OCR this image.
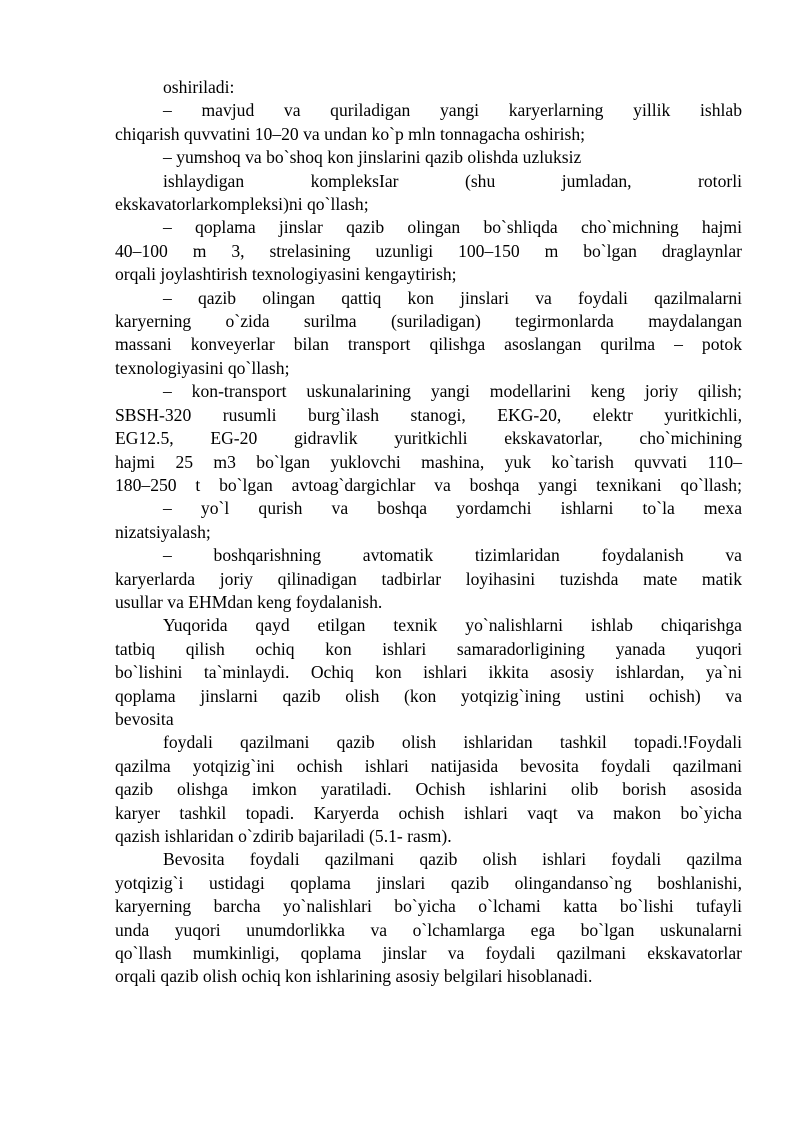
oshiriladi:
– mavjud va quriladigan yangi karyerlarning yillik ishlab
chiqarish quvvatini 10–20 va undan ko`p mln tonnagacha oshirish;
– yumshoq va bo`shoq kon jinslarini qazib olishda uzluksiz
ishlaydigan kompleksIar (shu jumladan, rotorli
ekskavatorlarkompleksi)ni qo`llash;
– qoplama jinslar qazib olingan bo`shliqda cho`michning hajmi
40–100 m 3, strelasining uzunligi 100–150 m bo`lgan draglaynlar
orqali joylashtirish texnologiyasini kengaytirish;
– qazib olingan qattiq kon jinslari va foydali qazilmalarni
karyerning o`zida surilma (suriladigan) tegirmonlarda maydalangan
massani konveyerlar bilan transport qilishga asoslangan qurilma – potok
texnologiyasini qo`llash;
– kon-transport uskunalarining yangi modellarini keng joriy qilish;
SBSH-320 rusumli burg`ilash stanogi, EKG-20, elektr yuritkichli,
EG12.5, EG-20 gidravlik yuritkichli ekskavatorlar, cho`michining
hajmi 25 m3 bo`lgan yuklovchi mashina, yuk ko`tarish quvvati 110–
180–250 t bo`lgan avtoag`dargichlar va boshqa yangi texnikani qo`llash;
– yo`l qurish va boshqa yordamchi ishlarni to`la mexa
nizatsiyalash;
– boshqarishning avtomatik tizimlaridan foydalanish va
karyerlarda joriy qilinadigan tadbirlar loyihasini tuzishda mate matik
usullar va EHMdan keng foydalanish.
Yuqorida qayd etilgan texnik yo`nalishlarni ishlab chiqarishga
tatbiq qilish ochiq kon ishlari samaradorligining yanada yuqori
bo`lishini ta`minlaydi. Ochiq kon ishlari ikkita asosiy ishlardan, ya`ni
qoplama jinslarni qazib olish (kon yotqizig`ining ustini ochish) va
bevosita
foydali qazilmani qazib olish ishlaridan tashkil topadi.!Foydali
qazilma yotqizig`ini ochish ishlari natijasida bevosita foydali qazilmani
qazib olishga imkon yaratiladi. Ochish ishlarini olib borish asosida
karyer tashkil topadi. Karyerda ochish ishlari vaqt va makon bo`yicha
qazish ishlaridan o`zdirib bajariladi (5.1- rasm).
Bevosita foydali qazilmani qazib olish ishlari foydali qazilma
yotqizig`i ustidagi qoplama jinslari qazib olingandanso`ng boshlanishi,
karyerning barcha yo`nalishlari bo`yicha o`lchami katta bo`lishi tufayli
unda yuqori unumdorlikka va o`lchamlarga ega bo`lgan uskunalarni
qo`llash mumkinligi, qoplama jinslar va foydali qazilmani ekskavatorlar
orqali qazib olish ochiq kon ishlarining asosiy belgilari hisoblanadi.
